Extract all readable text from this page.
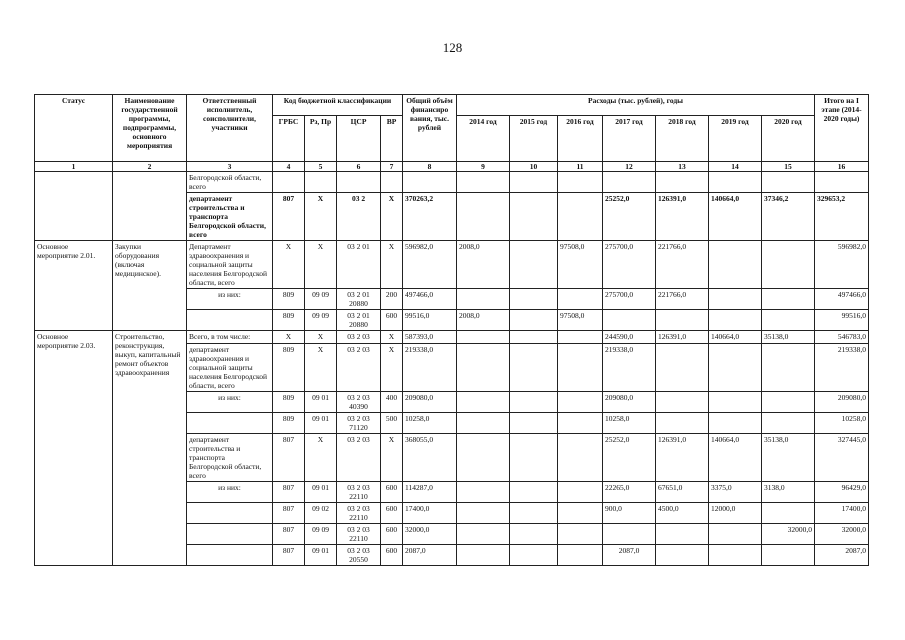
128
Статус	Наименование государственной программы, подпрограммы, основного мероприятия	Ответственный исполнитель, соисполнители, участники	Код бюджетной классификации				Общий объём финансиро вания, тыс. рублей	Расходы (тыс. рублей), годы							Итого на I этапе (2014-2020 годы)
			ГРБС	Рз, Пр	ЦСР	ВР		2014 год	2015 год	2016 год	2017 год	2018 год	2019 год	2020 год	
1	2	3	4	5	6	7	8	9	10	11	12	13	14	15	16
		Белгородской области, всего													
		департамент строительства и транспорта Белгородской области, всего	807	X	03 2	X	370263,2				25252,0	126391,0	140664,0	37346,2	329653,2
Основное мероприятие 2.01.	Закупки оборудования (включая медицинское).	Департамент здравоохранения и социальной защиты населения Белгородской области, всего	X	X	03 2 01	X	596982,0	2008,0		97508,0	275700,0	221766,0			596982,0
		из них:	809	09 09	03 2 01 20880	200	497466,0				275700,0	221766,0			497466,0
			809	09 09	03 2 01 20880	600	99516,0	2008,0		97508,0					99516,0
Основное мероприятие 2.03.	Строительство, реконструкция, выкуп, капитальный ремонт объектов здравоохранения	Всего, в том числе:	X	X	03 2 03	X	587393,0				244590,0	126391,0	140664,0	35138,0	546783,0
		департамент здравоохранения и социальной защиты населения Белгородской области, всего	809	X	03 2 03	X	219338,0				219338,0				219338,0
		из них:	809	09 01	03 2 03 40390	400	209080,0				209080,0				209080,0
			809	09 01	03 2 03 71120	500	10258,0				10258,0				10258,0
		департамент строительства и транспорта Белгородской области, всего	807	X	03 2 03	X	368055,0				25252,0	126391,0	140664,0	35138,0	327445,0
		из них:	807	09 01	03 2 03 22110	600	114287,0				22265,0	67651,0	3375,0	3138,0	96429,0
			807	09 02	03 2 03 22110	600	17400,0				900,0	4500,0	12000,0		17400,0
			807	09 09	03 2 03 22110	600	32000,0							32000,0	32000,0
			807	09 01	03 2 03 20550	600	2087,0				2087,0				2087,0
